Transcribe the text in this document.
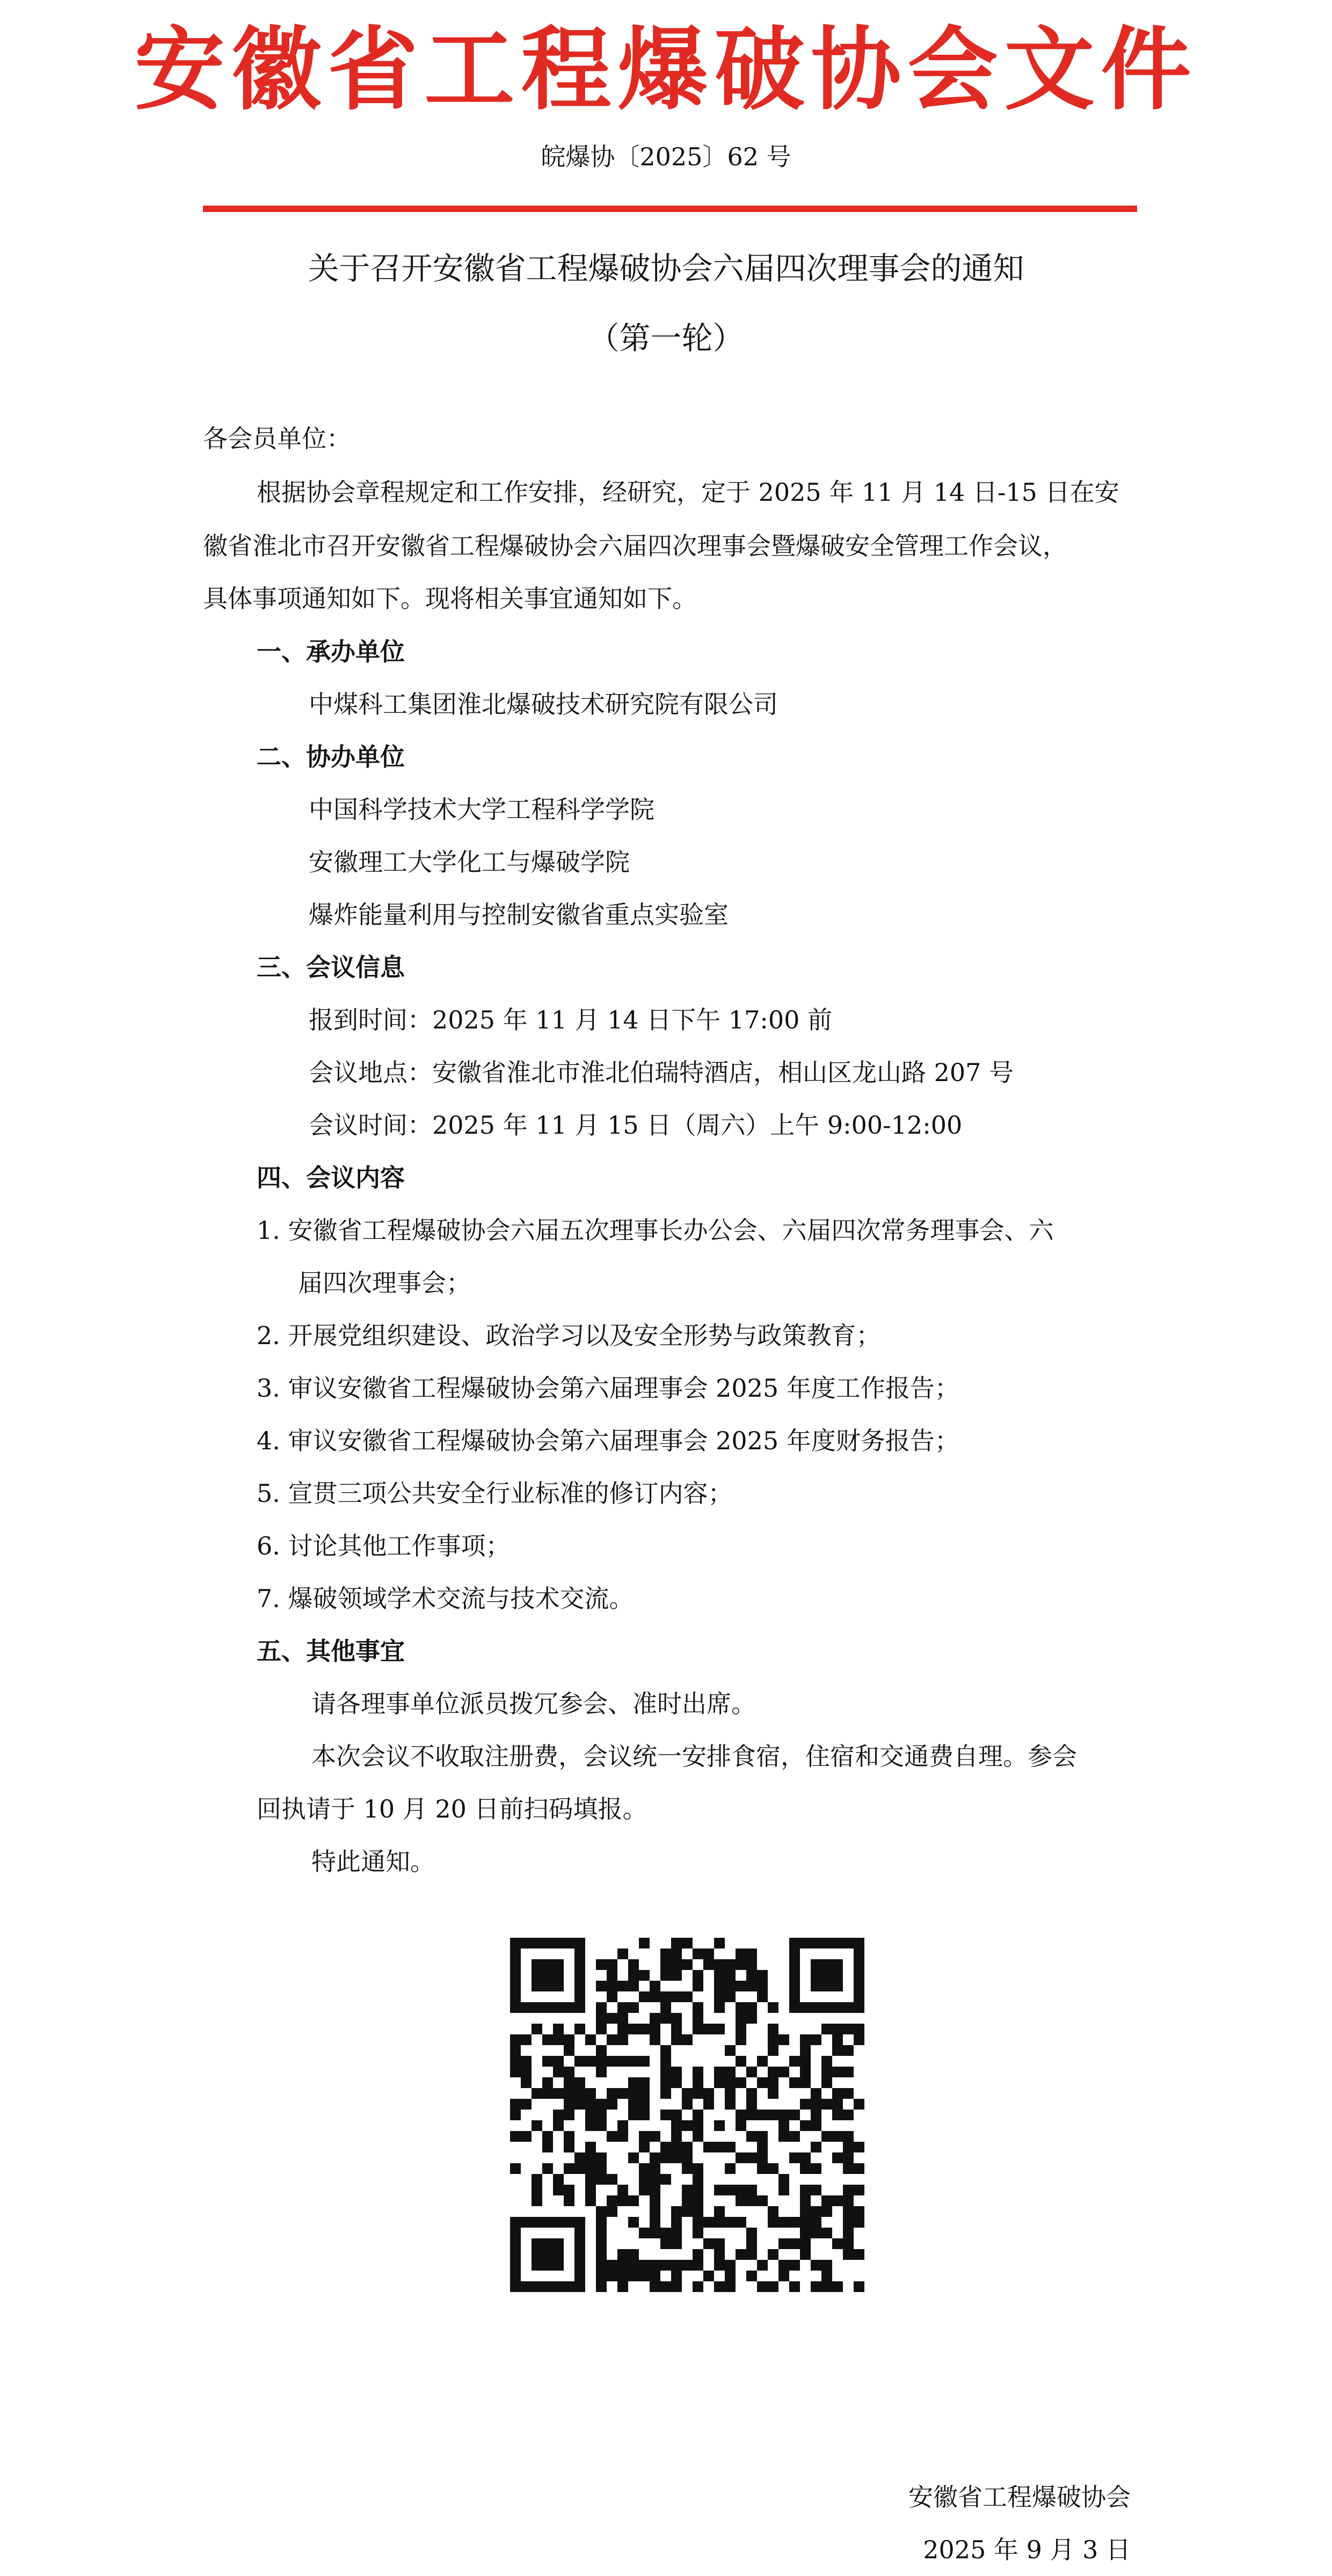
安徽省工程爆破协会文件
皖爆协〔2025〕62 号
关于召开安徽省工程爆破协会六届四次理事会的通知
（第一轮）
各会员单位：
根据协会章程规定和工作安排，经研究，定于 2025 年 11 月 14 日-15 日在安
徽省淮北市召开安徽省工程爆破协会六届四次理事会暨爆破安全管理工作会议，
具体事项通知如下。现将相关事宜通知如下。
一、承办单位
中煤科工集团淮北爆破技术研究院有限公司
二、协办单位
中国科学技术大学工程科学学院
安徽理工大学化工与爆破学院
爆炸能量利用与控制安徽省重点实验室
三、会议信息
报到时间：2025 年 11 月 14 日下午 17:00 前
会议地点：安徽省淮北市淮北伯瑞特酒店，相山区龙山路 207 号
会议时间：2025 年 11 月 15 日（周六）上午 9:00-12:00
四、会议内容
1. 安徽省工程爆破协会六届五次理事长办公会、六届四次常务理事会、六
届四次理事会；
2. 开展党组织建设、政治学习以及安全形势与政策教育；
3. 审议安徽省工程爆破协会第六届理事会 2025 年度工作报告；
4. 审议安徽省工程爆破协会第六届理事会 2025 年度财务报告；
5. 宣贯三项公共安全行业标准的修订内容；
6. 讨论其他工作事项；
7. 爆破领域学术交流与技术交流。
五、其他事宜
请各理事单位派员拨冗参会、准时出席。
本次会议不收取注册费，会议统一安排食宿，住宿和交通费自理。参会
回执请于 10 月 20 日前扫码填报。
特此通知。
安徽省工程爆破协会
2025 年 9 月 3 日
